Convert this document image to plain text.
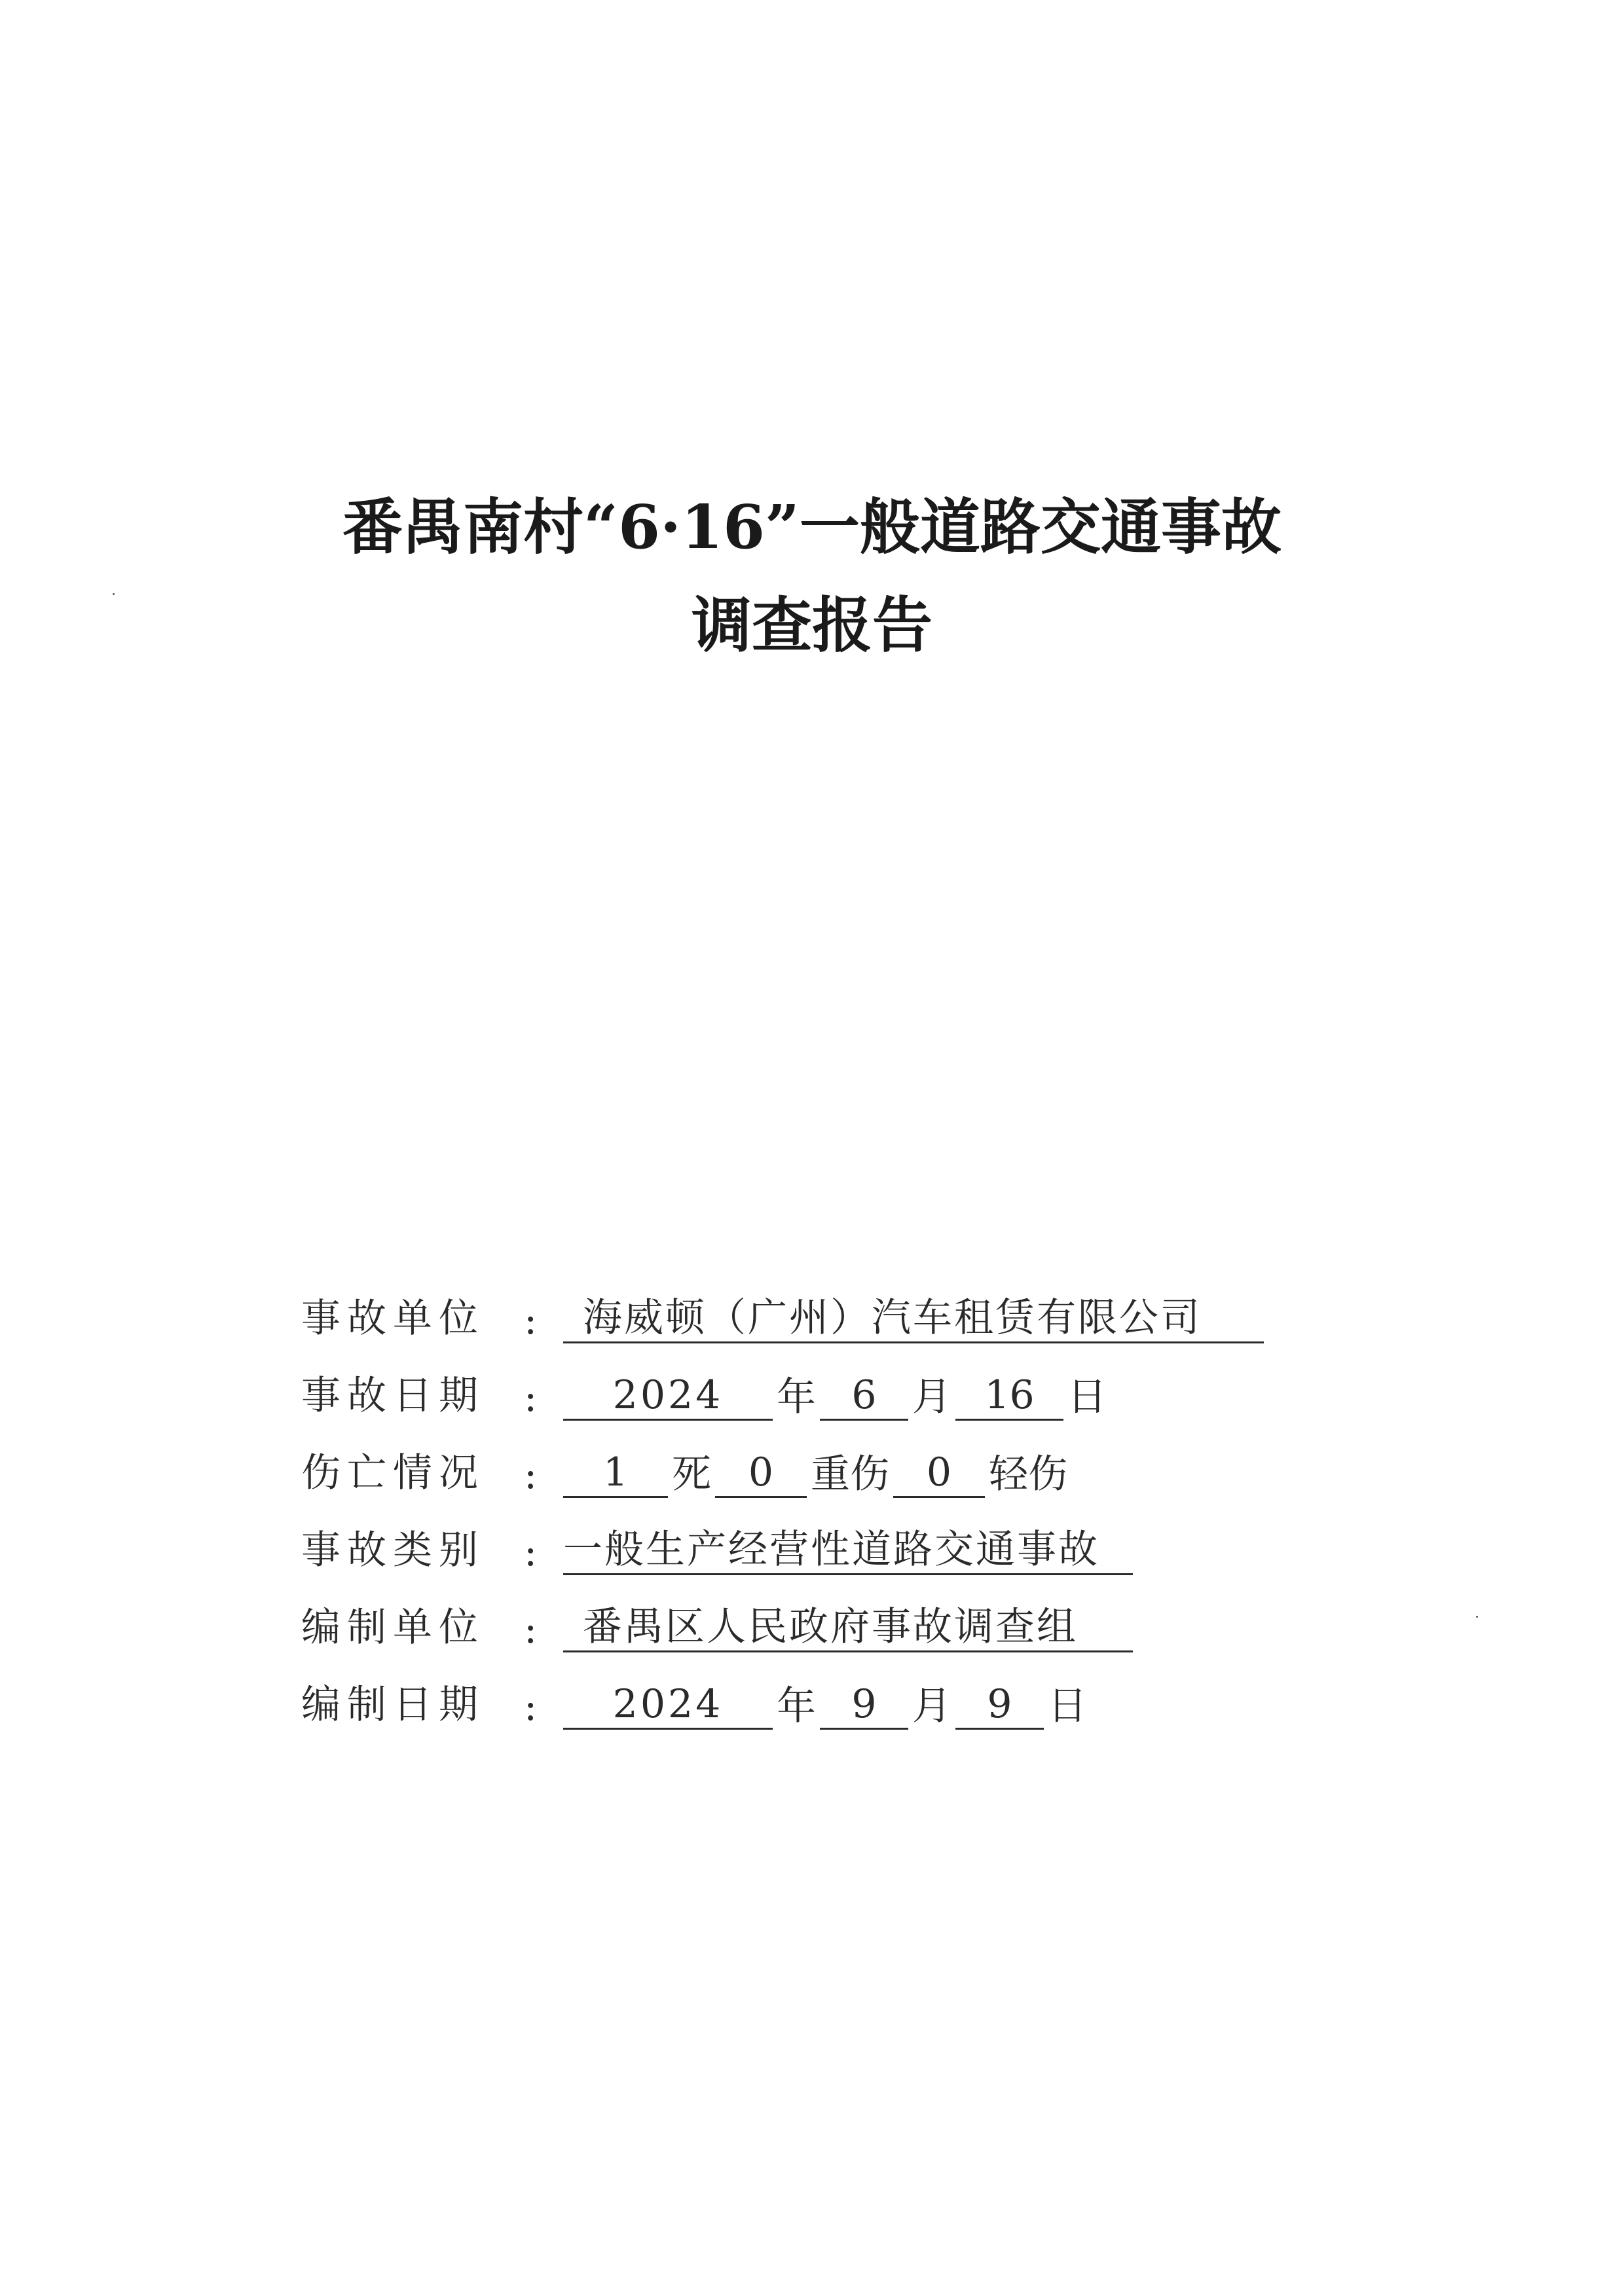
番禺南村“6·16”一般道路交通事故
调查报告
事故单位	:	海威顿（广州）汽车租赁有限公司
事故日期	:	2024	年 6 月 16 日
伤亡情况	:	1	死 0 重伤 0 轻伤
事故类别	: 一般生产经营性道路交通事故
编制单位	:	番禺区人民政府事故调查组
编制日期	:	2024	年 9 月 9 日
